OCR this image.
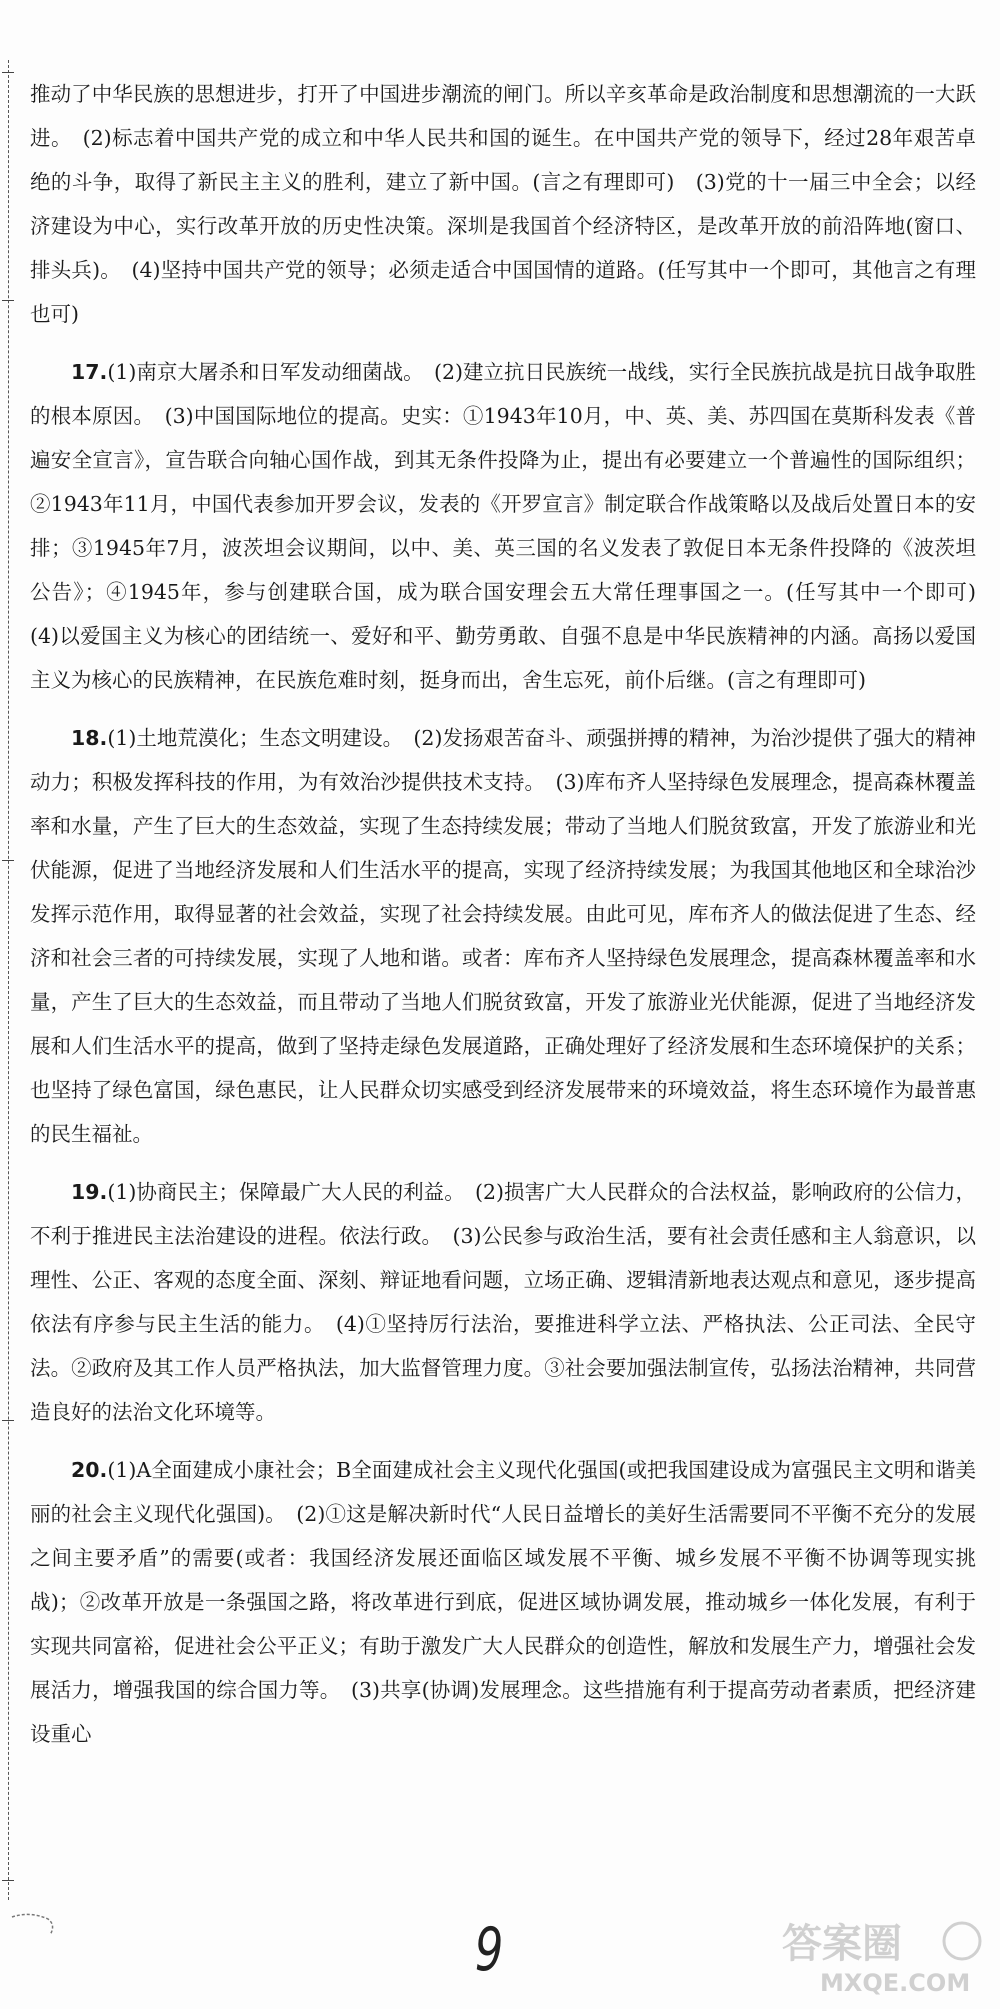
推动了中华民族的思想进步，打开了中国进步潮流的闸门。所以辛亥革命是政治制度和思想潮流的一大跃进。　(2)标志着中国共产党的成立和中华人民共和国的诞生。在中国共产党的领导下，经过28年艰苦卓绝的斗争，取得了新民主主义的胜利，建立了新中国。(言之有理即可)　(3)党的十一届三中全会；以经济建设为中心，实行改革开放的历史性决策。深圳是我国首个经济特区，是改革开放的前沿阵地(窗口、排头兵)。　(4)坚持中国共产党的领导；必须走适合中国国情的道路。(任写其中一个即可，其他言之有理也可)

17.(1)南京大屠杀和日军发动细菌战。　(2)建立抗日民族统一战线，实行全民族抗战是抗日战争取胜的根本原因。　(3)中国国际地位的提高。史实：①1943年10月，中、英、美、苏四国在莫斯科发表《普遍安全宣言》，宣告联合向轴心国作战，到其无条件投降为止，提出有必要建立一个普遍性的国际组织；②1943年11月，中国代表参加开罗会议，发表的《开罗宣言》制定联合作战策略以及战后处置日本的安排；③1945年7月，波茨坦会议期间，以中、美、英三国的名义发表了敦促日本无条件投降的《波茨坦公告》；④1945年，参与创建联合国，成为联合国安理会五大常任理事国之一。(任写其中一个即可)　(4)以爱国主义为核心的团结统一、爱好和平、勤劳勇敢、自强不息是中华民族精神的内涵。高扬以爱国主义为核心的民族精神，在民族危难时刻，挺身而出，舍生忘死，前仆后继。(言之有理即可)

18.(1)土地荒漠化；生态文明建设。　(2)发扬艰苦奋斗、顽强拼搏的精神，为治沙提供了强大的精神动力；积极发挥科技的作用，为有效治沙提供技术支持。　(3)库布齐人坚持绿色发展理念，提高森林覆盖率和水量，产生了巨大的生态效益，实现了生态持续发展；带动了当地人们脱贫致富，开发了旅游业和光伏能源，促进了当地经济发展和人们生活水平的提高，实现了经济持续发展；为我国其他地区和全球治沙发挥示范作用，取得显著的社会效益，实现了社会持续发展。由此可见，库布齐人的做法促进了生态、经济和社会三者的可持续发展，实现了人地和谐。或者：库布齐人坚持绿色发展理念，提高森林覆盖率和水量，产生了巨大的生态效益，而且带动了当地人们脱贫致富，开发了旅游业光伏能源，促进了当地经济发展和人们生活水平的提高，做到了坚持走绿色发展道路，正确处理好了经济发展和生态环境保护的关系；也坚持了绿色富国，绿色惠民，让人民群众切实感受到经济发展带来的环境效益，将生态环境作为最普惠的民生福祉。

19.(1)协商民主；保障最广大人民的利益。　(2)损害广大人民群众的合法权益，影响政府的公信力，不利于推进民主法治建设的进程。依法行政。　(3)公民参与政治生活，要有社会责任感和主人翁意识，以理性、公正、客观的态度全面、深刻、辩证地看问题，立场正确、逻辑清新地表达观点和意见，逐步提高依法有序参与民主生活的能力。　(4)①坚持厉行法治，要推进科学立法、严格执法、公正司法、全民守法。②政府及其工作人员严格执法，加大监督管理力度。③社会要加强法制宣传，弘扬法治精神，共同营造良好的法治文化环境等。

20.(1)A全面建成小康社会；B全面建成社会主义现代化强国(或把我国建设成为富强民主文明和谐美丽的社会主义现代化强国)。　(2)①这是解决新时代“人民日益增长的美好生活需要同不平衡不充分的发展之间主要矛盾”的需要(或者：我国经济发展还面临区域发展不平衡、城乡发展不平衡不协调等现实挑战)；②改革开放是一条强国之路，将改革进行到底，促进区域协调发展，推动城乡一体化发展，有利于实现共同富裕，促进社会公平正义；有助于激发广大人民群众的创造性，解放和发展生产力，增强社会发展活力，增强我国的综合国力等。　(3)共享(协调)发展理念。这些措施有利于提高劳动者素质，把经济建设重心

9	答案圈
MXQE.COM
